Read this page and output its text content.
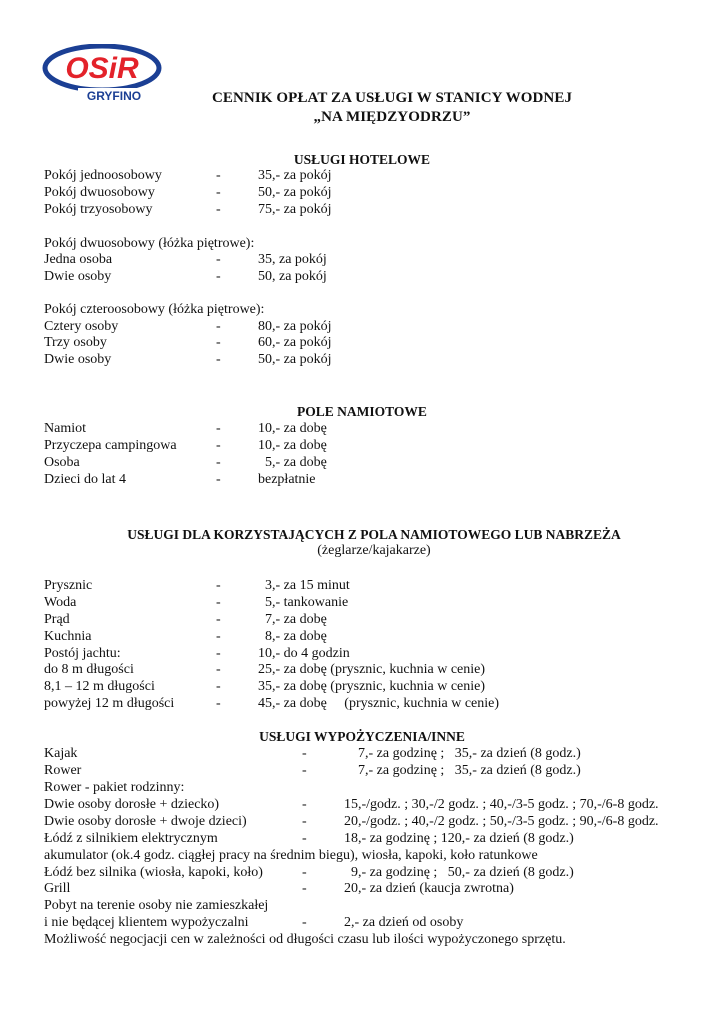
OSiR
GRYFINO	CENNIK OPŁAT ZA USŁUGI W STANICY WODNEJ
„NA MIĘDZYODRZU”
USŁUGI HOTELOWE
Pokój jednoosobowy	-	35,- za pokój
Pokój dwuosobowy	-	50,- za pokój
Pokój trzyosobowy	-	75,- za pokój
Pokój dwuosobowy (łóżka piętrowe):
Jedna osoba	-	35, za pokój
Dwie osoby	-	50, za pokój
Pokój czteroosobowy (łóżka piętrowe):
Cztery osoby	-	80,- za pokój
Trzy osoby	-	60,- za pokój
Dwie osoby	-	50,- za pokój
POLE NAMIOTOWE
Namiot	-	10,- za dobę
Przyczepa campingowa	-	10,- za dobę
Osoba	-	5,- za dobę
Dzieci do lat 4	-	bezpłatnie
USŁUGI DLA KORZYSTAJĄCYCH Z POLA NAMIOTOWEGO LUB NABRZEŻA
(żeglarze/kajakarze)
Prysznic	-	3,- za 15 minut
Woda	-	5,- tankowanie
Prąd	-	7,- za dobę
Kuchnia	-	8,- za dobę
Postój jachtu:	-	10,- do 4 godzin
do 8 m długości	-	25,- za dobę (prysznic, kuchnia w cenie)
8,1 – 12 m długości	-	35,- za dobę (prysznic, kuchnia w cenie)
powyżej 12 m długości	-	45,- za dobę     (prysznic, kuchnia w cenie)
USŁUGI WYPOŻYCZENIA/INNE
Kajak	-	7,- za godzinę ;   35,- za dzień (8 godz.)
Rower	-	7,- za godzinę ;   35,- za dzień (8 godz.)
Rower - pakiet rodzinny:
Dwie osoby dorosłe + dziecko)	-	15,-/godz. ; 30,-/2 godz. ; 40,-/3-5 godz. ; 70,-/6-8 godz.
Dwie osoby dorosłe + dwoje dzieci)	-	20,-/godz. ; 40,-/2 godz. ; 50,-/3-5 godz. ; 90,-/6-8 godz.
Łódź z silnikiem elektrycznym	-	18,- za godzinę ; 120,- za dzień (8 godz.)
akumulator (ok.4 godz. ciągłej pracy na średnim biegu), wiosła, kapoki, koło ratunkowe
Łódź bez silnika (wiosła, kapoki, koło)	-	9,- za godzinę ;   50,- za dzień (8 godz.)
Grill	-	20,- za dzień (kaucja zwrotna)
Pobyt na terenie osoby nie zamieszkałej
i nie będącej klientem wypożyczalni	-	2,- za dzień od osoby
Możliwość negocjacji cen w zależności od długości czasu lub ilości wypożyczonego sprzętu.
